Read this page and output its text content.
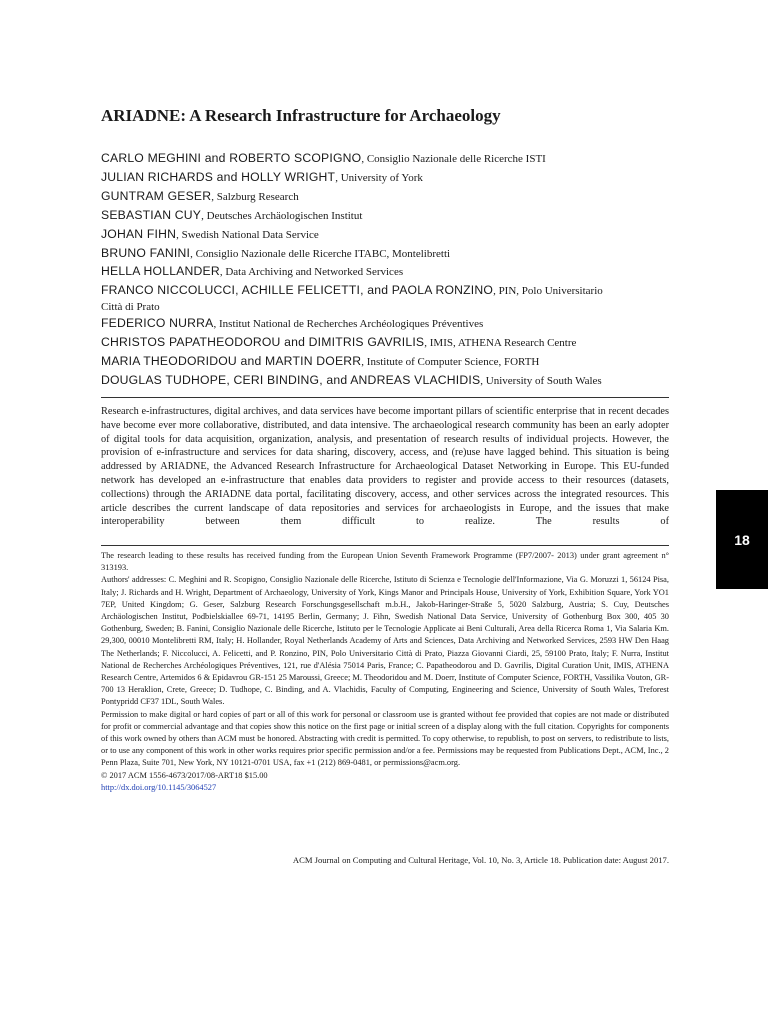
ARIADNE: A Research Infrastructure for Archaeology
CARLO MEGHINI and ROBERTO SCOPIGNO, Consiglio Nazionale delle Ricerche ISTI
JULIAN RICHARDS and HOLLY WRIGHT, University of York
GUNTRAM GESER, Salzburg Research
SEBASTIAN CUY, Deutsches Archäologischen Institut
JOHAN FIHN, Swedish National Data Service
BRUNO FANINI, Consiglio Nazionale delle Ricerche ITABC, Montelibretti
HELLA HOLLANDER, Data Archiving and Networked Services
FRANCO NICCOLUCCI, ACHILLE FELICETTI, and PAOLA RONZINO, PIN, Polo Universitario
Città di Prato
FEDERICO NURRA, Institut National de Recherches Archéologiques Préventives
CHRISTOS PAPATHEODOROU and DIMITRIS GAVRILIS, IMIS, ATHENA Research Centre
MARIA THEODORIDOU and MARTIN DOERR, Institute of Computer Science, FORTH
DOUGLAS TUDHOPE, CERI BINDING, and ANDREAS VLACHIDIS, University of South Wales

Research e-infrastructures, digital archives, and data services have become important pillars of scientific enterprise that in recent decades have become ever more collaborative, distributed, and data intensive. The archaeological research community has been an early adopter of digital tools for data acquisition, organization, analysis, and presentation of research results of individual projects. However, the provision of e-infrastructure and services for data sharing, discovery, access, and (re)use have lagged behind. This situation is being addressed by ARIADNE, the Advanced Research Infrastructure for Archaeological Dataset Networking in Europe. This EU-funded network has developed an e-infrastructure that enables data providers to register and provide access to their resources (datasets, collections) through the ARIADNE data portal, facilitating discovery, access, and other services across the integrated resources. This article describes the current landscape of data repositories and services for archaeologists in Europe, and the issues that make interoperability between them difficult to realize. The results of

The research leading to these results has received funding from the European Union Seventh Framework Programme (FP7/2007- 2013) under grant agreement n° 313193.

Authors' addresses: C. Meghini and R. Scopigno, Consiglio Nazionale delle Ricerche, Istituto di Scienza e Tecnologie dell'Informazione, Via G. Moruzzi 1, 56124 Pisa, Italy; J. Richards and H. Wright, Department of Archaeology, University of York, Kings Manor and Principals House, University of York, Exhibition Square, York YO1 7EP, United Kingdom; G. Geser, Salzburg Research Forschungsgesellschaft m.b.H., Jakob-Haringer-Straße 5, 5020 Salzburg, Austria; S. Cuy, Deutsches Archäologischen Institut, Podbielskiallee 69-71, 14195 Berlin, Germany; J. Fihn, Swedish National Data Service, University of Gothenburg Box 300, 405 30 Gothenburg, Sweden; B. Fanini, Consiglio Nazionale delle Ricerche, Istituto per le Tecnologie Applicate ai Beni Culturali, Area della Ricerca Roma 1, Via Salaria Km. 29,300, 00010 Montelibretti RM, Italy; H. Hollander, Royal Netherlands Academy of Arts and Sciences, Data Archiving and Networked Services, 2593 HW Den Haag The Netherlands; F. Niccolucci, A. Felicetti, and P. Ronzino, PIN, Polo Universitario Città di Prato, Piazza Giovanni Ciardi, 25, 59100 Prato, Italy; F. Nurra, Institut National de Recherches Archéologiques Préventives, 121, rue d'Alésia 75014 Paris, France; C. Papatheodorou and D. Gavrilis, Digital Curation Unit, IMIS, ATHENA Research Centre, Artemidos 6 & Epidavrou GR-151 25 Maroussi, Greece; M. Theodoridou and M. Doerr, Institute of Computer Science, FORTH, Vassilika Vouton, GR-700 13 Heraklion, Crete, Greece; D. Tudhope, C. Binding, and A. Vlachidis, Faculty of Computing, Engineering and Science, University of South Wales, Treforest Pontypridd CF37 1DL, South Wales.

Permission to make digital or hard copies of part or all of this work for personal or classroom use is granted without fee provided that copies are not made or distributed for profit or commercial advantage and that copies show this notice on the first page or initial screen of a display along with the full citation. Copyrights for components of this work owned by others than ACM must be honored. Abstracting with credit is permitted. To copy otherwise, to republish, to post on servers, to redistribute to lists, or to use any component of this work in other works requires prior specific permission and/or a fee. Permissions may be requested from Publications Dept., ACM, Inc., 2 Penn Plaza, Suite 701, New York, NY 10121-0701 USA, fax +1 (212) 869-0481, or permissions@acm.org.

© 2017 ACM 1556-4673/2017/08-ART18 $15.00

http://dx.doi.org/10.1145/3064527

ACM Journal on Computing and Cultural Heritage, Vol. 10, No. 3, Article 18. Publication date: August 2017.
18
